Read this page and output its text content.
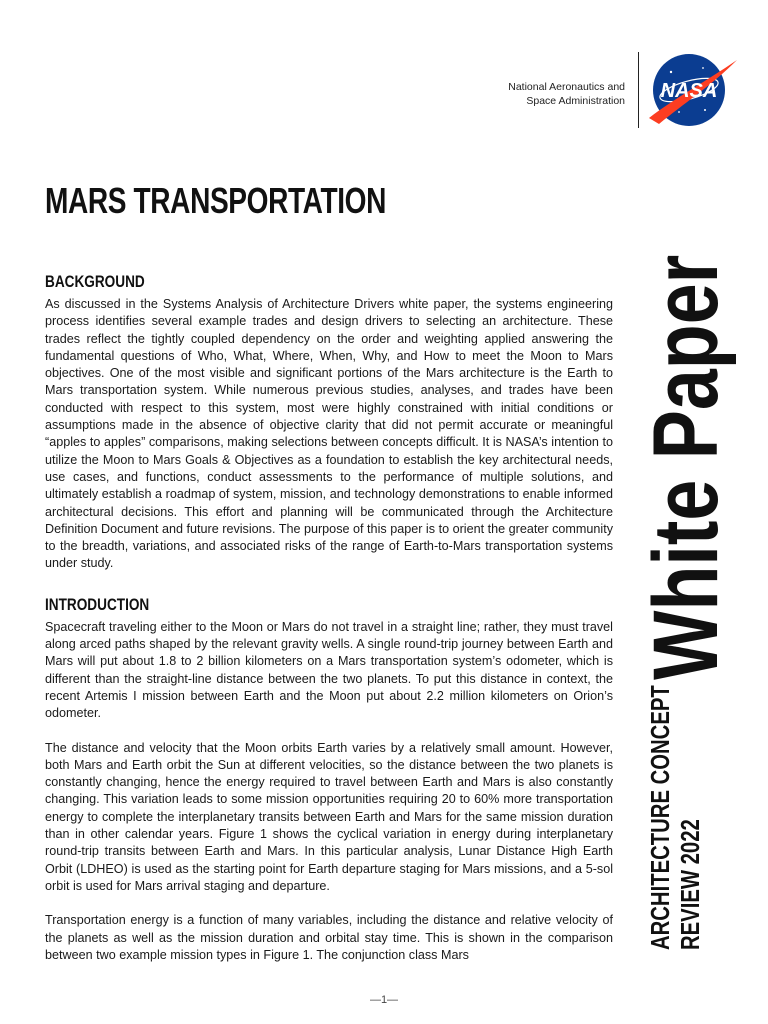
National Aeronautics and
Space Administration NASA
MARS TRANSPORTATION
BACKGROUND

As discussed in the Systems Analysis of Architecture Drivers white paper, the systems engineering process identifies several example trades and design drivers to selecting an architecture. These trades reflect the tightly coupled dependency on the order and weighting applied answering the fundamental questions of Who, What, Where, When, Why, and How to meet the Moon to Mars objectives. One of the most visible and significant portions of the Mars architecture is the Earth to Mars transportation system. While numerous previous studies, analyses, and trades have been conducted with respect to this system, most were highly constrained with initial conditions or assumptions made in the absence of objective clarity that did not permit accurate or meaningful “apples to apples” comparisons, making selections between concepts difficult. It is NASA’s intention to utilize the Moon to Mars Goals & Objectives as a foundation to establish the key architectural needs, use cases, and functions, conduct assessments to the performance of multiple solutions, and ultimately establish a roadmap of system, mission, and technology demonstrations to enable informed architectural decisions. This effort and planning will be communicated through the Architecture Definition Document and future revisions. The purpose of this paper is to orient the greater community to the breadth, variations, and associated risks of the range of Earth-to-Mars transportation systems under study.

INTRODUCTION

Spacecraft traveling either to the Moon or Mars do not travel in a straight line; rather, they must travel along arced paths shaped by the relevant gravity wells. A single round-trip journey between Earth and Mars will put about 1.8 to 2 billion kilometers on a Mars transportation system’s odometer, which is different than the straight-line distance between the two planets. To put this distance in context, the recent Artemis I mission between Earth and the Moon put about 2.2 million kilometers on Orion’s odometer.

The distance and velocity that the Moon orbits Earth varies by a relatively small amount. However, both Mars and Earth orbit the Sun at different velocities, so the distance between the two planets is constantly changing, hence the energy required to travel between Earth and Mars is also constantly changing. This variation leads to some mission opportunities requiring 20 to 60% more transportation energy to complete the interplanetary transits between Earth and Mars for the same mission duration than in other calendar years. Figure 1 shows the cyclical variation in energy during interplanetary round-trip transits between Earth and Mars. In this particular analysis, Lunar Distance High Earth Orbit (LDHEO) is used as the starting point for Earth departure staging for Mars missions, and a 5-sol orbit is used for Mars arrival staging and departure.

Transportation energy is a function of many variables, including the distance and relative velocity of the planets as well as the mission duration and orbital stay time. This is shown in the comparison between two example mission types in Figure 1. The conjunction class Mars

White Paper
ARCHITECTURE CONCEPT REVIEW 2022
—1—
